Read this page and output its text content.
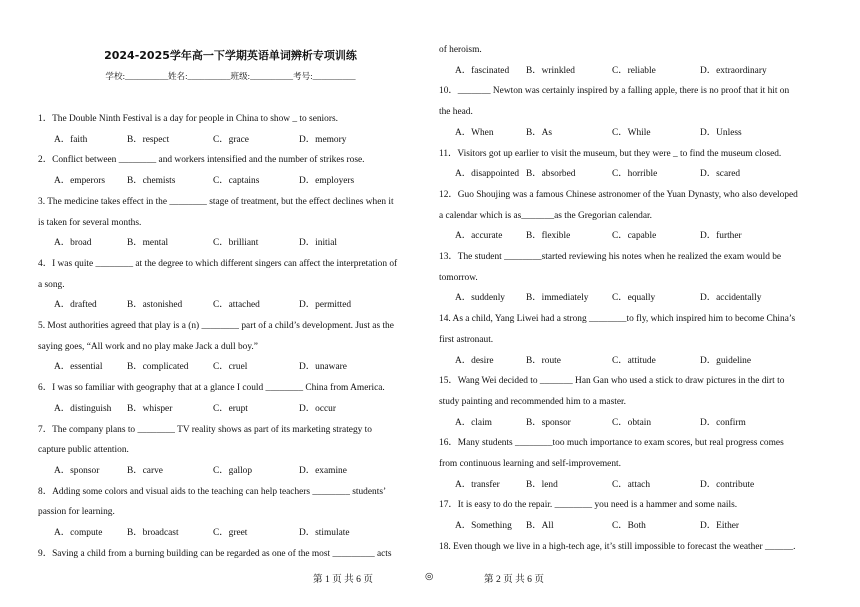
2024-2025学年高一下学期英语单词辨析专项训练
学校:__________姓名:__________班级:__________考号:__________
1．The Double Ninth Festival is a day for people in China to show _ to seniors.
A．faith	B．respect	C．grace	D．memory
2．Conflict between ________ and workers intensified and the number of strikes rose.
A．emperors B．chemists	C．captains	D．employers
3. The medicine takes effect in the ________ stage of treatment, but the effect declines when it
is taken for several months.
A．broad	B．mental	C．brilliant	D．initial
4．I was quite ________ at the degree to which different singers can affect the interpretation of
a song.
A．drafted	B．astonished	C．attached	D．permitted
5. Most authorities agreed that play is a (n) ________ part of a child’s development. Just as the
saying goes, “All work and no play make Jack a dull boy.”
A．essential	B．complicated	C．cruel	D．unaware
6．I was so familiar with geography that at a glance I could ________ China from America.
A．distinguish B．whisper	C．erupt	D．occur
7．The company plans to ________ TV reality shows as part of its marketing strategy to
capture public attention.
A．sponsor	B．carve	C．gallop	D．examine
8．Adding some colors and visual aids to the teaching can help teachers ________ students’
passion for learning.
A．compute	B．broadcast	C．greet	D．stimulate
9．Saving a child from a burning building can be regarded as one of the most _________ acts
of heroism.
A．fascinated B．wrinkled	C．reliable	D．extraordinary
10．_______ Newton was certainly inspired by a falling apple, there is no proof that it hit on
the head.
A．When	B．As	C．While	D．Unless
11．Visitors got up earlier to visit the museum, but they were _ to find the museum closed.
A．disappointed B．absorbed	C．horrible	D．scared
12．Guo Shoujing was a famous Chinese astronomer of the Yuan Dynasty, who also developed
a calendar which is as_______as the Gregorian calendar.
A．accurate	B．flexible	C．capable	D．further
13．The student ________started reviewing his notes when he realized the exam would be
tomorrow.
A．suddenly B．immediately	C．equally	D．accidentally
14. As a child, Yang Liwei had a strong ________to fly, which inspired him to become China’s
first astronaut.
A．desire	B．route	C．attitude	D．guideline
15．Wang Wei decided to _______ Han Gan who used a stick to draw pictures in the dirt to
study painting and recommended him to a master.
A．claim	B．sponsor	C．obtain	D．confirm
16．Many students ________too much importance to exam scores, but real progress comes
from continuous learning and self-improvement.
A．transfer	B．lend	C．attach	D．contribute
17．It is easy to do the repair. ________ you need is a hammer and some nails.
A．Something B．All	C．Both	D．Either
18. Even though we live in a high-tech age, it’s still impossible to forecast the weather ______.
第 1 页 共 6 页	◎	第 2 页 共 6 页
